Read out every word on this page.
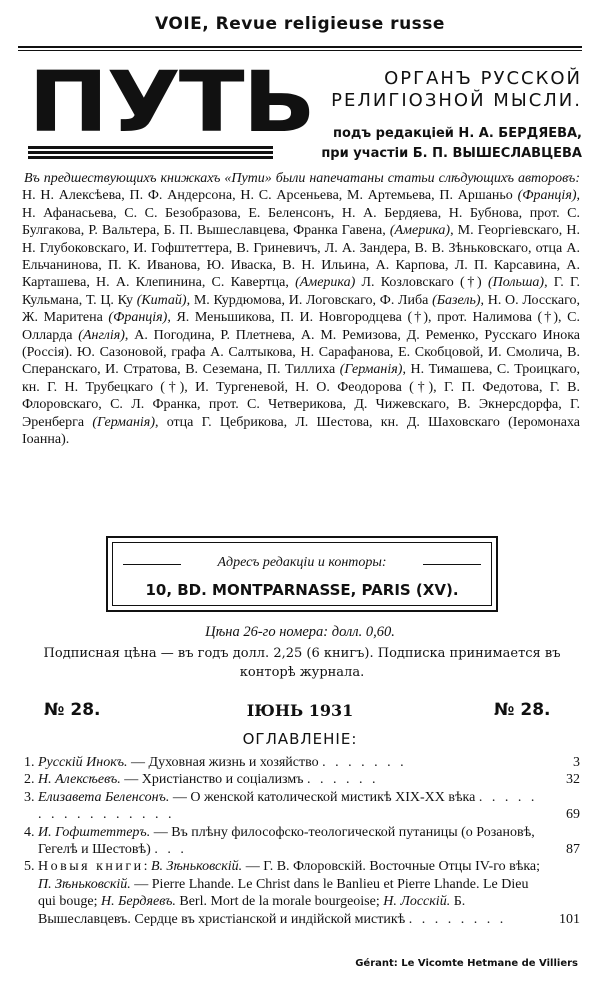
VOIE, Revue religieuse russe
ПУТЬ	ОРГАНЪ РУССКОЙ
РЕЛИГІОЗНОЙ МЫСЛИ.
подъ редакціей Н. А. БЕРДЯЕВА,
при участіи Б. П. ВЫШЕСЛАВЦЕВА
Въ предшествующихъ книжкахъ «Пути» были напечатаны статьи слѣдующихъ авторовъ: Н. Н. Алексѣева, П. Ф. Андерсона, Н. С. Арсеньева, М. Артемьева, П. Аршаньо (Франція), Н. Афанасьева, С. С. Безобразова, Е. Беленсонъ, Н. А. Бердяева, Н. Бубнова, прот. С. Булгакова, Р. Вальтера, Б. П. Вышеславцева, Франка Гавена, (Америка), М. Георгіевскаго, Н. Н. Глубоковскаго, И. Гофштеттера, В. Гриневичъ, Л. А. Зандера, В. В. Зѣньковскаго, отца А. Ельчанинова, П. К. Иванова, Ю. Иваска, В. Н. Ильина, А. Карпова, Л. П. Карсавина, А. Карташева, Н. А. Клепинина, С. Кавертца, (Америка) Л. Козловскаго (†) (Польша), Г. Г. Кульмана, Т. Ц. Ку (Китай), М. Курдюмова, И. Логовскаго, Ф. Либа (Базель), Н. О. Лосскаго, Ж. Маритена (Франція), Я. Меньшикова, П. И. Новгородцева (†), прот. Налимова (†), С. Олларда (Англія), А. Погодина, Р. Плетнева, А. М. Ремизова, Д. Ременко, Русскаго Инока (Россія). Ю. Сазоновой, графа А. Салтыкова, Н. Сарафанова, Е. Скобцовой, И. Смолича, В. Сперанскаго, И. Стратова, В. Сеземана, П. Тиллиха (Германія), Н. Тимашева, С. Троицкаго, кн. Г. Н. Трубецкаго (†), И. Тургеневой, Н. О. Феодорова (†), Г. П. Федотова, Г. В. Флоровскаго, С. Л. Франка, прот. С. Четверикова, Д. Чижевскаго, В. Экнерсдорфа, Г. Эренберга (Германія), отца Г. Цебрикова, Л. Шестова, кн. Д. Шаховскаго (Іеромонаха Іоанна).
Адресъ редакціи и конторы:
10, BD. MONTPARNASSE, PARIS (XV).
Цѣна 26-го номера: долл. 0,60.
Подписная цѣна — въ годъ долл. 2,25 (6 книгъ). Подписка принимается въ конторѣ журнала.
№ 28.	ІЮНЬ 1931	№ 28.
ОГЛАВЛЕНІЕ:
1. Русскій Инокъ. — Духовная жизнь и хозяйство . . . . . . .	3
2. Н. Алексѣевъ. — Христіанство и соціализмъ . . . . . .	32
3. Елизавета Беленсонъ. — О женской католической мистикѣ XIX-XX вѣка . . . . . . . . . . . . . . . .	69
4. И. Гофштеттеръ. — Въ плѣну философско-теологической путаницы (о Розановѣ, Гегелѣ и Шестовѣ) . . .	87
5. Новыя книги: В. Зѣньковскій. — Г. В. Флоровскій. Восточные Отцы IV-го вѣка; П. Зѣньковскій. — Pierre Lhande. Le Christ dans le Banlieu et Pierre Lhande. Le Dieu qui bouge; Н. Бердяевъ. Berl. Mort de la morale bourgeoise; Н. Лосскій. Б. Вышеславцевъ. Сердце въ христіанской и индійской мистикѣ . . . . . . . .	101
Gérant: Le Vicomte Hetmane de Villiers
